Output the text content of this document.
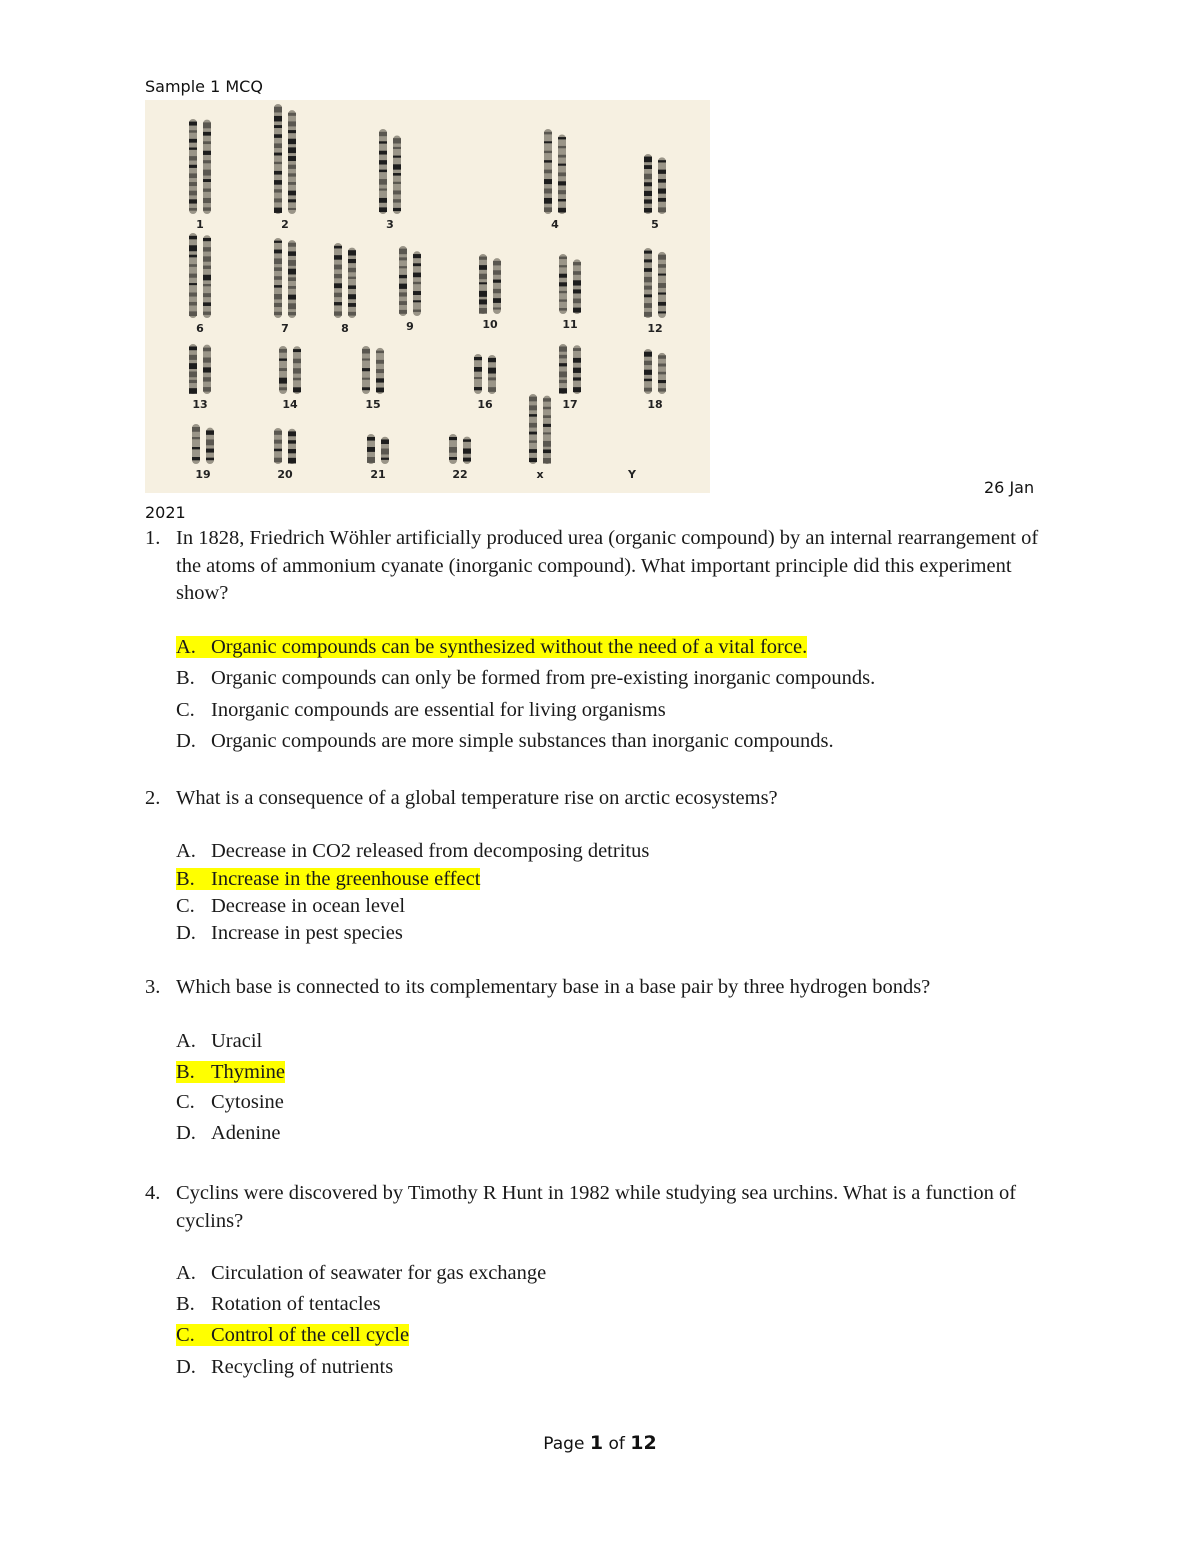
Sample 1 MCQ
1	2	3	4	5
6	7	8	9	10	11	12
13	14	15	16	17	18
19	20	21	22	x	Y
26 Jan
2021
1. In 1828, Friedrich Wöhler artificially produced urea (organic compound) by an internal rearrangement of the atoms of ammonium cyanate (inorganic compound). What important principle did this experiment show?
A. Organic compounds can be synthesized without the need of a vital force.
B. Organic compounds can only be formed from pre-existing inorganic compounds.
C. Inorganic compounds are essential for living organisms
D. Organic compounds are more simple substances than inorganic compounds.
2. What is a consequence of a global temperature rise on arctic ecosystems?
A. Decrease in CO2 released from decomposing detritus
B. Increase in the greenhouse effect
C. Decrease in ocean level
D. Increase in pest species
3. Which base is connected to its complementary base in a base pair by three hydrogen bonds?
A. Uracil
B. Thymine
C. Cytosine
D. Adenine
4. Cyclins were discovered by Timothy R Hunt in 1982 while studying sea urchins. What is a function of cyclins?
A. Circulation of seawater for gas exchange
B. Rotation of tentacles
C. Control of the cell cycle
D. Recycling of nutrients
Page 1 of 12
